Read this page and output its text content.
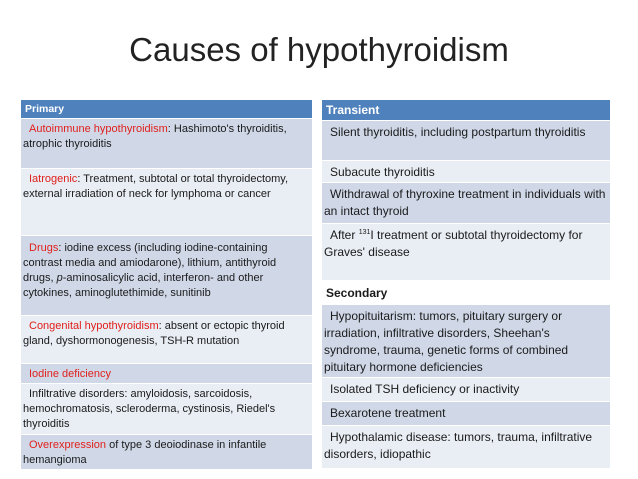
Causes of hypothyroidism
Primary
Autoimmune hypothyroidism: Hashimoto's thyroiditis, atrophic thyroiditis
Iatrogenic: Treatment, subtotal or total thyroidectomy, external irradiation of neck for lymphoma or cancer
Drugs: iodine excess (including iodine-containing contrast media and amiodarone), lithium, antithyroid drugs, p-aminosalicylic acid, interferon- and other cytokines, aminoglutethimide, sunitinib
Congenital hypothyroidism: absent or ectopic thyroid gland, dyshormonogenesis, TSH-R mutation
Iodine deficiency
Infiltrative disorders: amyloidosis, sarcoidosis, hemochromatosis, scleroderma, cystinosis, Riedel's thyroiditis
Overexpression of type 3 deoiodinase in infantile hemangioma
Transient
Silent thyroiditis, including postpartum thyroiditis
Subacute thyroiditis
Withdrawal of thyroxine treatment in individuals with an intact thyroid
After $^{131}$I treatment or subtotal thyroidectomy for Graves' disease
Secondary
Hypopituitarism: tumors, pituitary surgery or irradiation, infiltrative disorders, Sheehan's syndrome, trauma, genetic forms of combined pituitary hormone deficiencies
Isolated TSH deficiency or inactivity
Bexarotene treatment
Hypothalamic disease: tumors, trauma, infiltrative disorders, idiopathic
